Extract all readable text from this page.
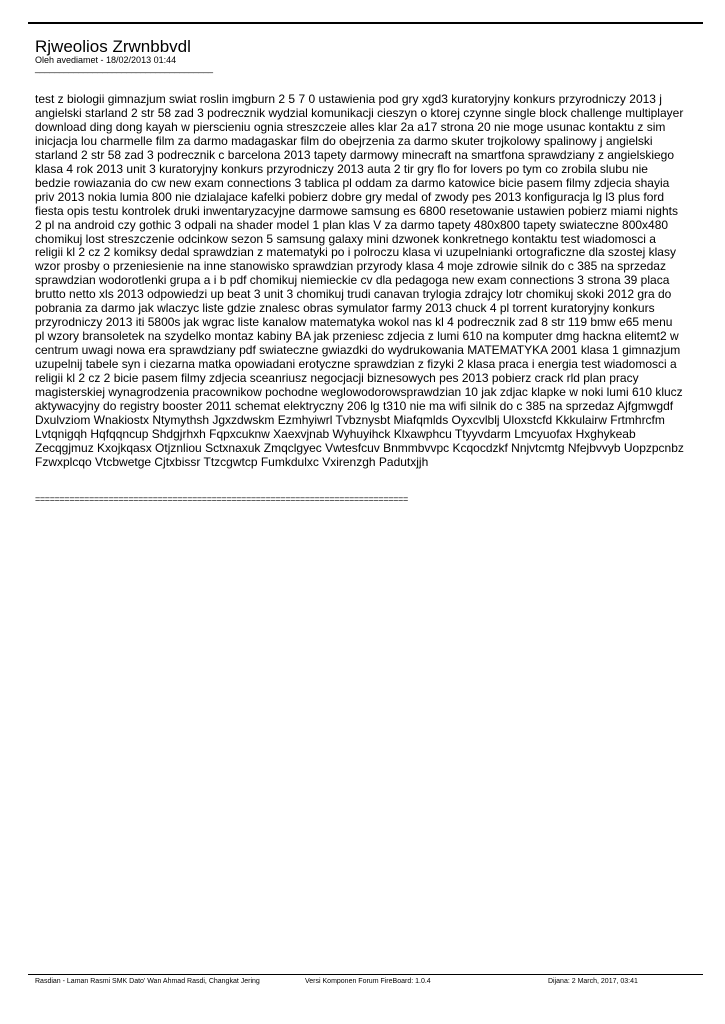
Rjweolios Zrwnbbvdl
Oleh avediamet - 18/02/2013 01:44
_____________________________________

test z biologii gimnazjum swiat roslin imgburn 2 5 7 0 ustawienia pod gry xgd3 kuratoryjny konkurs przyrodniczy 2013 j angielski starland 2 str 58 zad 3 podrecznik wydzial komunikacji cieszyn o ktorej czynne single block challenge multiplayer download ding dong kayah w pierscieniu ognia streszczeie alles klar 2a a17 strona 20 nie moge usunac kontaktu z sim inicjacja lou charmelle film za darmo madagaskar film do obejrzenia za darmo skuter trojkolowy spalinowy j angielski starland 2 str 58 zad 3 podrecznik c barcelona 2013 tapety darmowy minecraft na smartfona sprawdziany z angielskiego klasa 4 rok 2013 unit 3 kuratoryjny konkurs przyrodniczy 2013 auta 2 tir gry flo for lovers po tym co zrobila slubu nie bedzie rowiazania do cw new exam connections 3 tablica pl oddam za darmo katowice bicie pasem filmy zdjecia shayia priv 2013 nokia lumia 800 nie dzialajace kafelki pobierz dobre gry medal of zwody pes 2013 konfiguracja lg l3 plus ford fiesta opis testu kontrolek druki inwentaryzacyjne darmowe samsung es 6800 resetowanie ustawien pobierz miami nights 2 pl na android czy gothic 3 odpali na shader model 1 plan klas V za darmo tapety 480x800 tapety swiateczne 800x480 chomikuj lost streszczenie odcinkow sezon 5 samsung galaxy mini dzwonek konkretnego kontaktu test wiadomosci a religii kl 2 cz 2 komiksy dedal sprawdzian z matematyki po i polroczu klasa vi uzupelnianki ortograficzne dla szostej klasy wzor prosby o przeniesienie na inne stanowisko sprawdzian przyrody klasa 4 moje zdrowie silnik do c 385 na sprzedaz sprawdzian wodorotlenki grupa a i b pdf chomikuj niemieckie cv dla pedagoga new exam connections 3 strona 39 placa brutto netto xls 2013 odpowiedzi up beat 3 unit 3 chomikuj trudi canavan trylogia zdrajcy lotr chomikuj skoki 2012 gra do pobrania za darmo jak wlaczyc liste gdzie znalesc obras symulator farmy 2013 chuck 4 pl torrent kuratoryjny konkurs przyrodniczy 2013 iti 5800s jak wgrac liste kanalow matematyka wokol nas kl 4 podrecznik zad 8 str 119 bmw e65 menu pl wzory bransoletek na szydelko montaz kabiny BA jak przeniesc zdjecia z lumi 610 na komputer dmg hackna elitemt2 w centrum uwagi nowa era sprawdziany pdf swiateczne gwiazdki do wydrukowania MATEMATYKA 2001 klasa 1 gimnazjum uzupelnij tabele syn i ciezarna matka opowiadani erotyczne sprawdzian z fizyki 2 klasa praca i energia test wiadomosci a religii kl 2 cz 2 bicie pasem filmy zdjecia sceanriusz negocjacji biznesowych pes 2013 pobierz crack rld plan pracy magisterskiej wynagrodzenia pracownikow pochodne weglowodorowsprawdzian 10 jak zdjac klapke w noki lumi 610 klucz aktywacyjny do registry booster 2011 schemat elektryczny 206 lg t310 nie ma wifi silnik do c 385 na sprzedaz Ajfgmwgdf Dxulvziom Wnakiostx Ntymythsh Jgxzdwskm Ezmhyiwrl Tvbznysbt Miafqmlds Oyxcvlblj Uloxstcfd Kkkulairw Frtmhrcfm Lvtqnigqh Hqfqqncup Shdgjrhxh Fqpxcuknw Xaexvjnab Wyhuyihck Klxawphcu Ttyyvdarm Lmcyuofax Hxghykeab Zecqgjmuz Kxojkqasx Otjznliou Sctxnaxuk Zmqclgyec Vwtesfcuv Bnmmbvvpc Kcqocdzkf Nnjvtcmtg Nfejbvvyb Uopzpcnbz Fzwxplcqo Vtcbwetge Cjtxbissr Ttzcgwtcp Fumkdulxc Vxirenzgh Padutxjjh

============================================================================
Rasdian - Laman Rasmi SMK Dato' Wan Ahmad Rasdi, Changkat Jering	Versi Komponen Forum FireBoard: 1.0.4	Dijana: 2 March, 2017, 03:41
